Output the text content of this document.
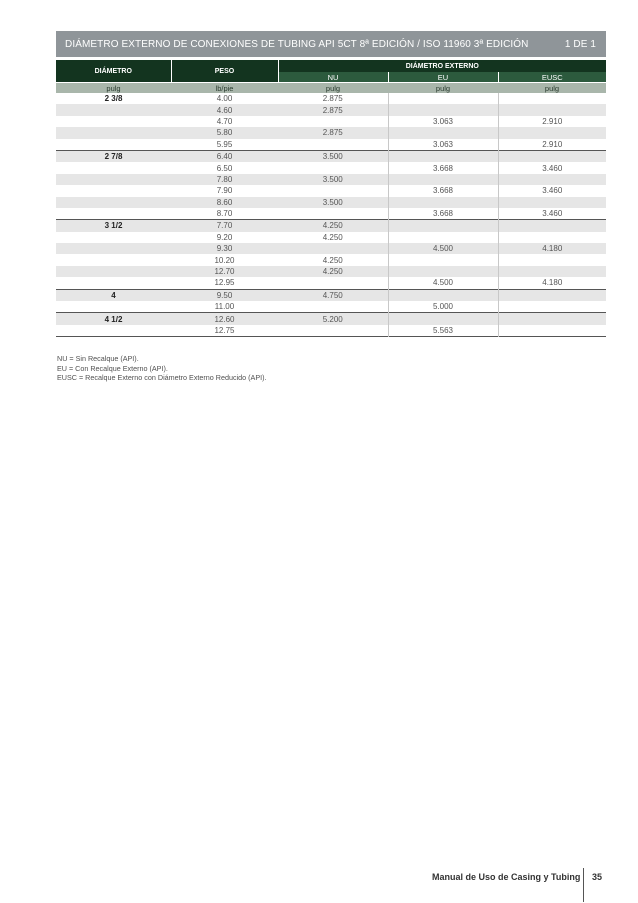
DIÁMETRO EXTERNO DE CONEXIONES DE TUBING API 5CT 8ª EDICIÓN / ISO 11960 3ª EDICIÓN	1 DE 1
DIÁMETRO	PESO	DIÁMETRO EXTERNO		
		NU	EU	EUSC
pulg	lb/pie	pulg	pulg	pulg
2 3/8	4.00	2.875		
	4.60	2.875		
	4.70		3.063	2.910
	5.80	2.875		
	5.95		3.063	2.910
2 7/8	6.40	3.500		
	6.50		3.668	3.460
	7.80	3.500		
	7.90		3.668	3.460
	8.60	3.500		
	8.70		3.668	3.460
3 1/2	7.70	4.250		
	9.20	4.250		
	9.30		4.500	4.180
	10.20	4.250		
	12.70	4.250		
	12.95		4.500	4.180
4	9.50	4.750		
	11.00		5.000	
4 1/2	12.60	5.200		
	12.75		5.563	
NU = Sin Recalque (API).
EU = Con Recalque Externo (API).
EUSC = Recalque Externo con Diámetro Externo Reducido (API).
Manual de Uso de Casing y Tubing 35
